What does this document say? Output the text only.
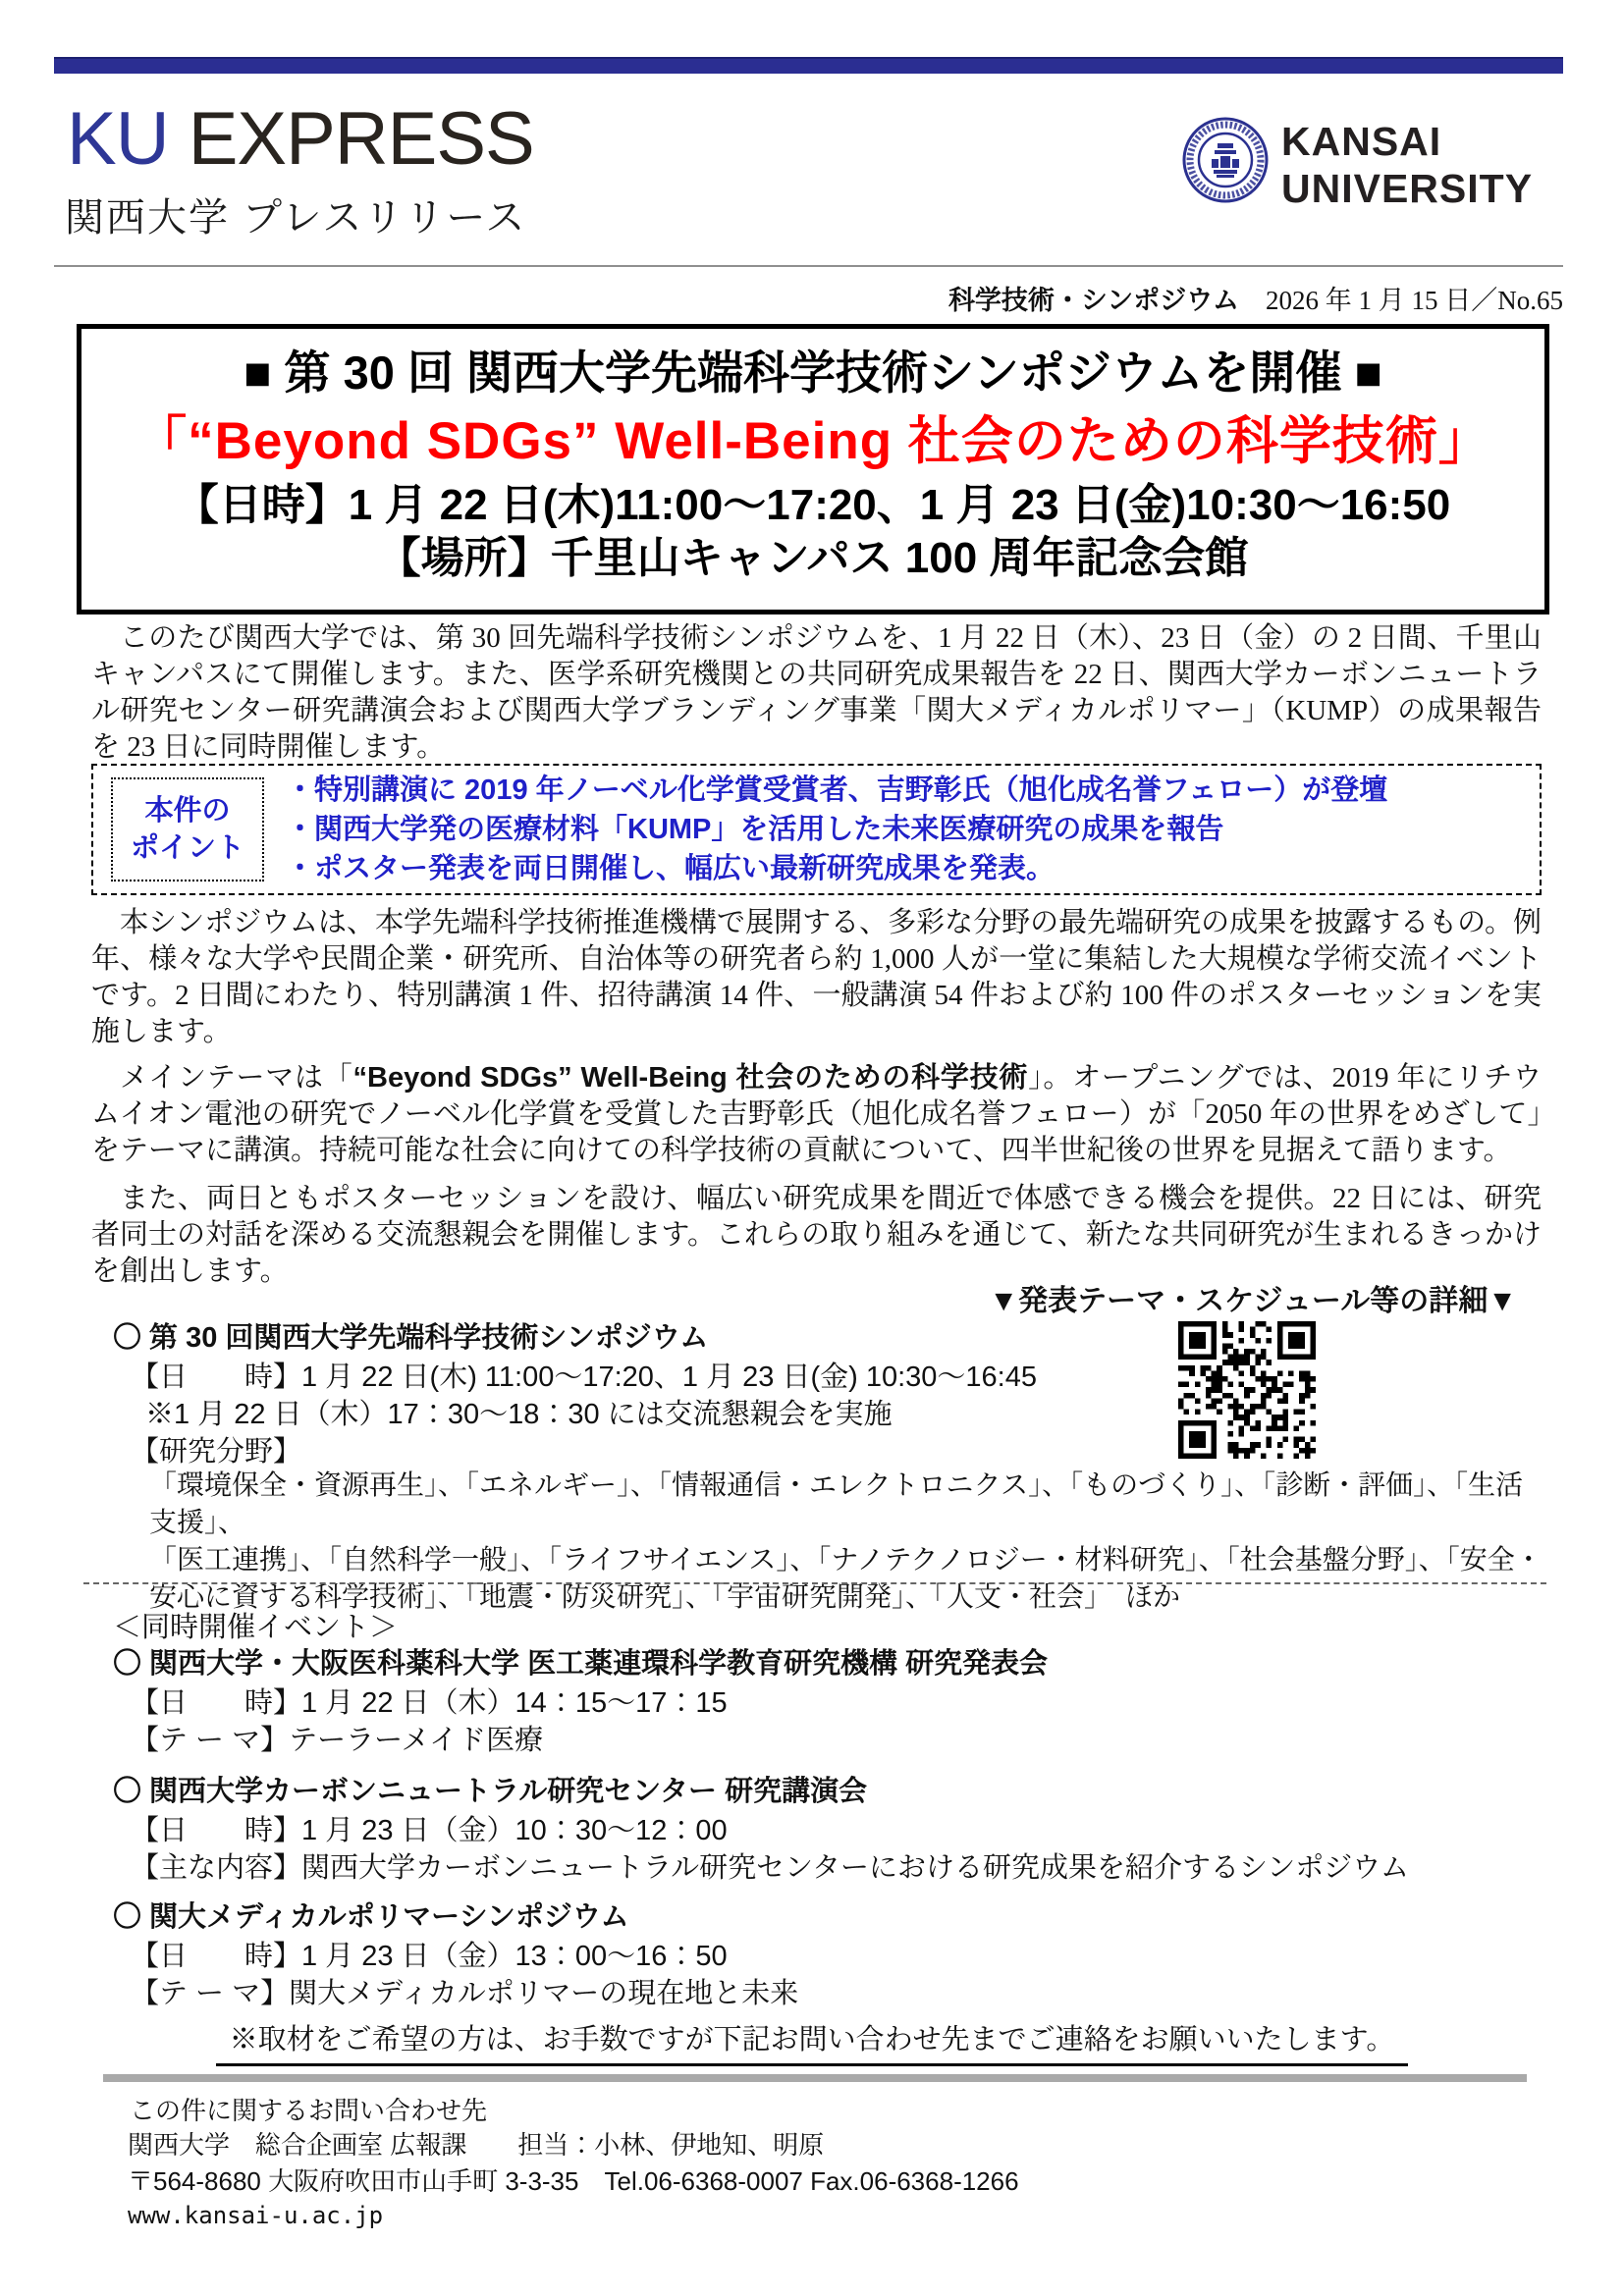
KU EXPRESS
関西大学 プレスリリース
KANSAI
UNIVERSITY
科学技術・シンポジウム　2026 年 1 月 15 日／No.65
■ 第 30 回 関西大学先端科学技術シンポジウムを開催 ■
「“Beyond SDGs” Well‐Being 社会のための科学技術」
【日時】1 月 22 日(木)11:00～17:20、1 月 23 日(金)10:30～16:50
【場所】千里山キャンパス 100 周年記念会館
このたび関西大学では、第 30 回先端科学技術シンポジウムを、1 月 22 日（木）、23 日（金）の 2 日間、千里山キャンパスにて開催します。また、医学系研究機関との共同研究成果報告を 22 日、関西大学カーボンニュートラル研究センター研究講演会および関西大学ブランディング事業「関大メディカルポリマー」（KUMP）の成果報告を 23 日に同時開催します。
本件の
ポイント
・特別講演に 2019 年ノーベル化学賞受賞者、吉野彰氏（旭化成名誉フェロー）が登壇
・関西大学発の医療材料「KUMP」を活用した未来医療研究の成果を報告
・ポスター発表を両日開催し、幅広い最新研究成果を発表。
本シンポジウムは、本学先端科学技術推進機構で展開する、多彩な分野の最先端研究の成果を披露するもの。例年、様々な大学や民間企業・研究所、自治体等の研究者ら約 1,000 人が一堂に集結した大規模な学術交流イベントです。2 日間にわたり、特別講演 1 件、招待講演 14 件、一般講演 54 件および約 100 件のポスターセッションを実施します。
メインテーマは「“Beyond SDGs” Well‐Being 社会のための科学技術」。オープニングでは、2019 年にリチウムイオン電池の研究でノーベル化学賞を受賞した吉野彰氏（旭化成名誉フェロー）が「2050 年の世界をめざして」をテーマに講演。持続可能な社会に向けての科学技術の貢献について、四半世紀後の世界を見据えて語ります。
また、両日ともポスターセッションを設け、幅広い研究成果を間近で体感できる機会を提供。22 日には、研究者同士の対話を深める交流懇親会を開催します。これらの取り組みを通じて、新たな共同研究が生まれるきっかけを創出します。
▼発表テーマ・スケジュール等の詳細▼
〇 第 30 回関西大学先端科学技術シンポジウム
【日　　時】1 月 22 日(木) 11:00～17:20、1 月 23 日(金) 10:30～16:45
※1 月 22 日（木）17：30～18：30 には交流懇親会を実施
【研究分野】
「環境保全・資源再生」、「エネルギー」、「情報通信・エレクトロニクス」、「ものづくり」、「診断・評価」、「生活支援」、
「医工連携」、「自然科学一般」、「ライフサイエンス」、「ナノテクノロジー・材料研究」、「社会基盤分野」、「安全・
安心に資する科学技術」、「地震・防災研究」、「宇宙研究開発」、「人文・社会」　ほか
＜同時開催イベント＞
〇 関西大学・大阪医科薬科大学 医工薬連環科学教育研究機構 研究発表会
【日　　時】1 月 22 日（木）14：15～17：15
【テ ー マ】テーラーメイド医療
〇 関西大学カーボンニュートラル研究センター 研究講演会
【日　　時】1 月 23 日（金）10：30～12：00
【主な内容】関西大学カーボンニュートラル研究センターにおける研究成果を紹介するシンポジウム
〇 関大メディカルポリマーシンポジウム
【日　　時】1 月 23 日（金）13：00～16：50
【テ ー マ】関大メディカルポリマーの現在地と未来
※取材をご希望の方は、お手数ですが下記お問い合わせ先までご連絡をお願いいたします。
この件に関するお問い合わせ先
関西大学　総合企画室 広報課　　担当：小林、伊地知、明原
〒564-8680 大阪府吹田市山手町 3-3-35　Tel.06-6368-0007 Fax.06-6368-1266
www.kansai-u.ac.jp
